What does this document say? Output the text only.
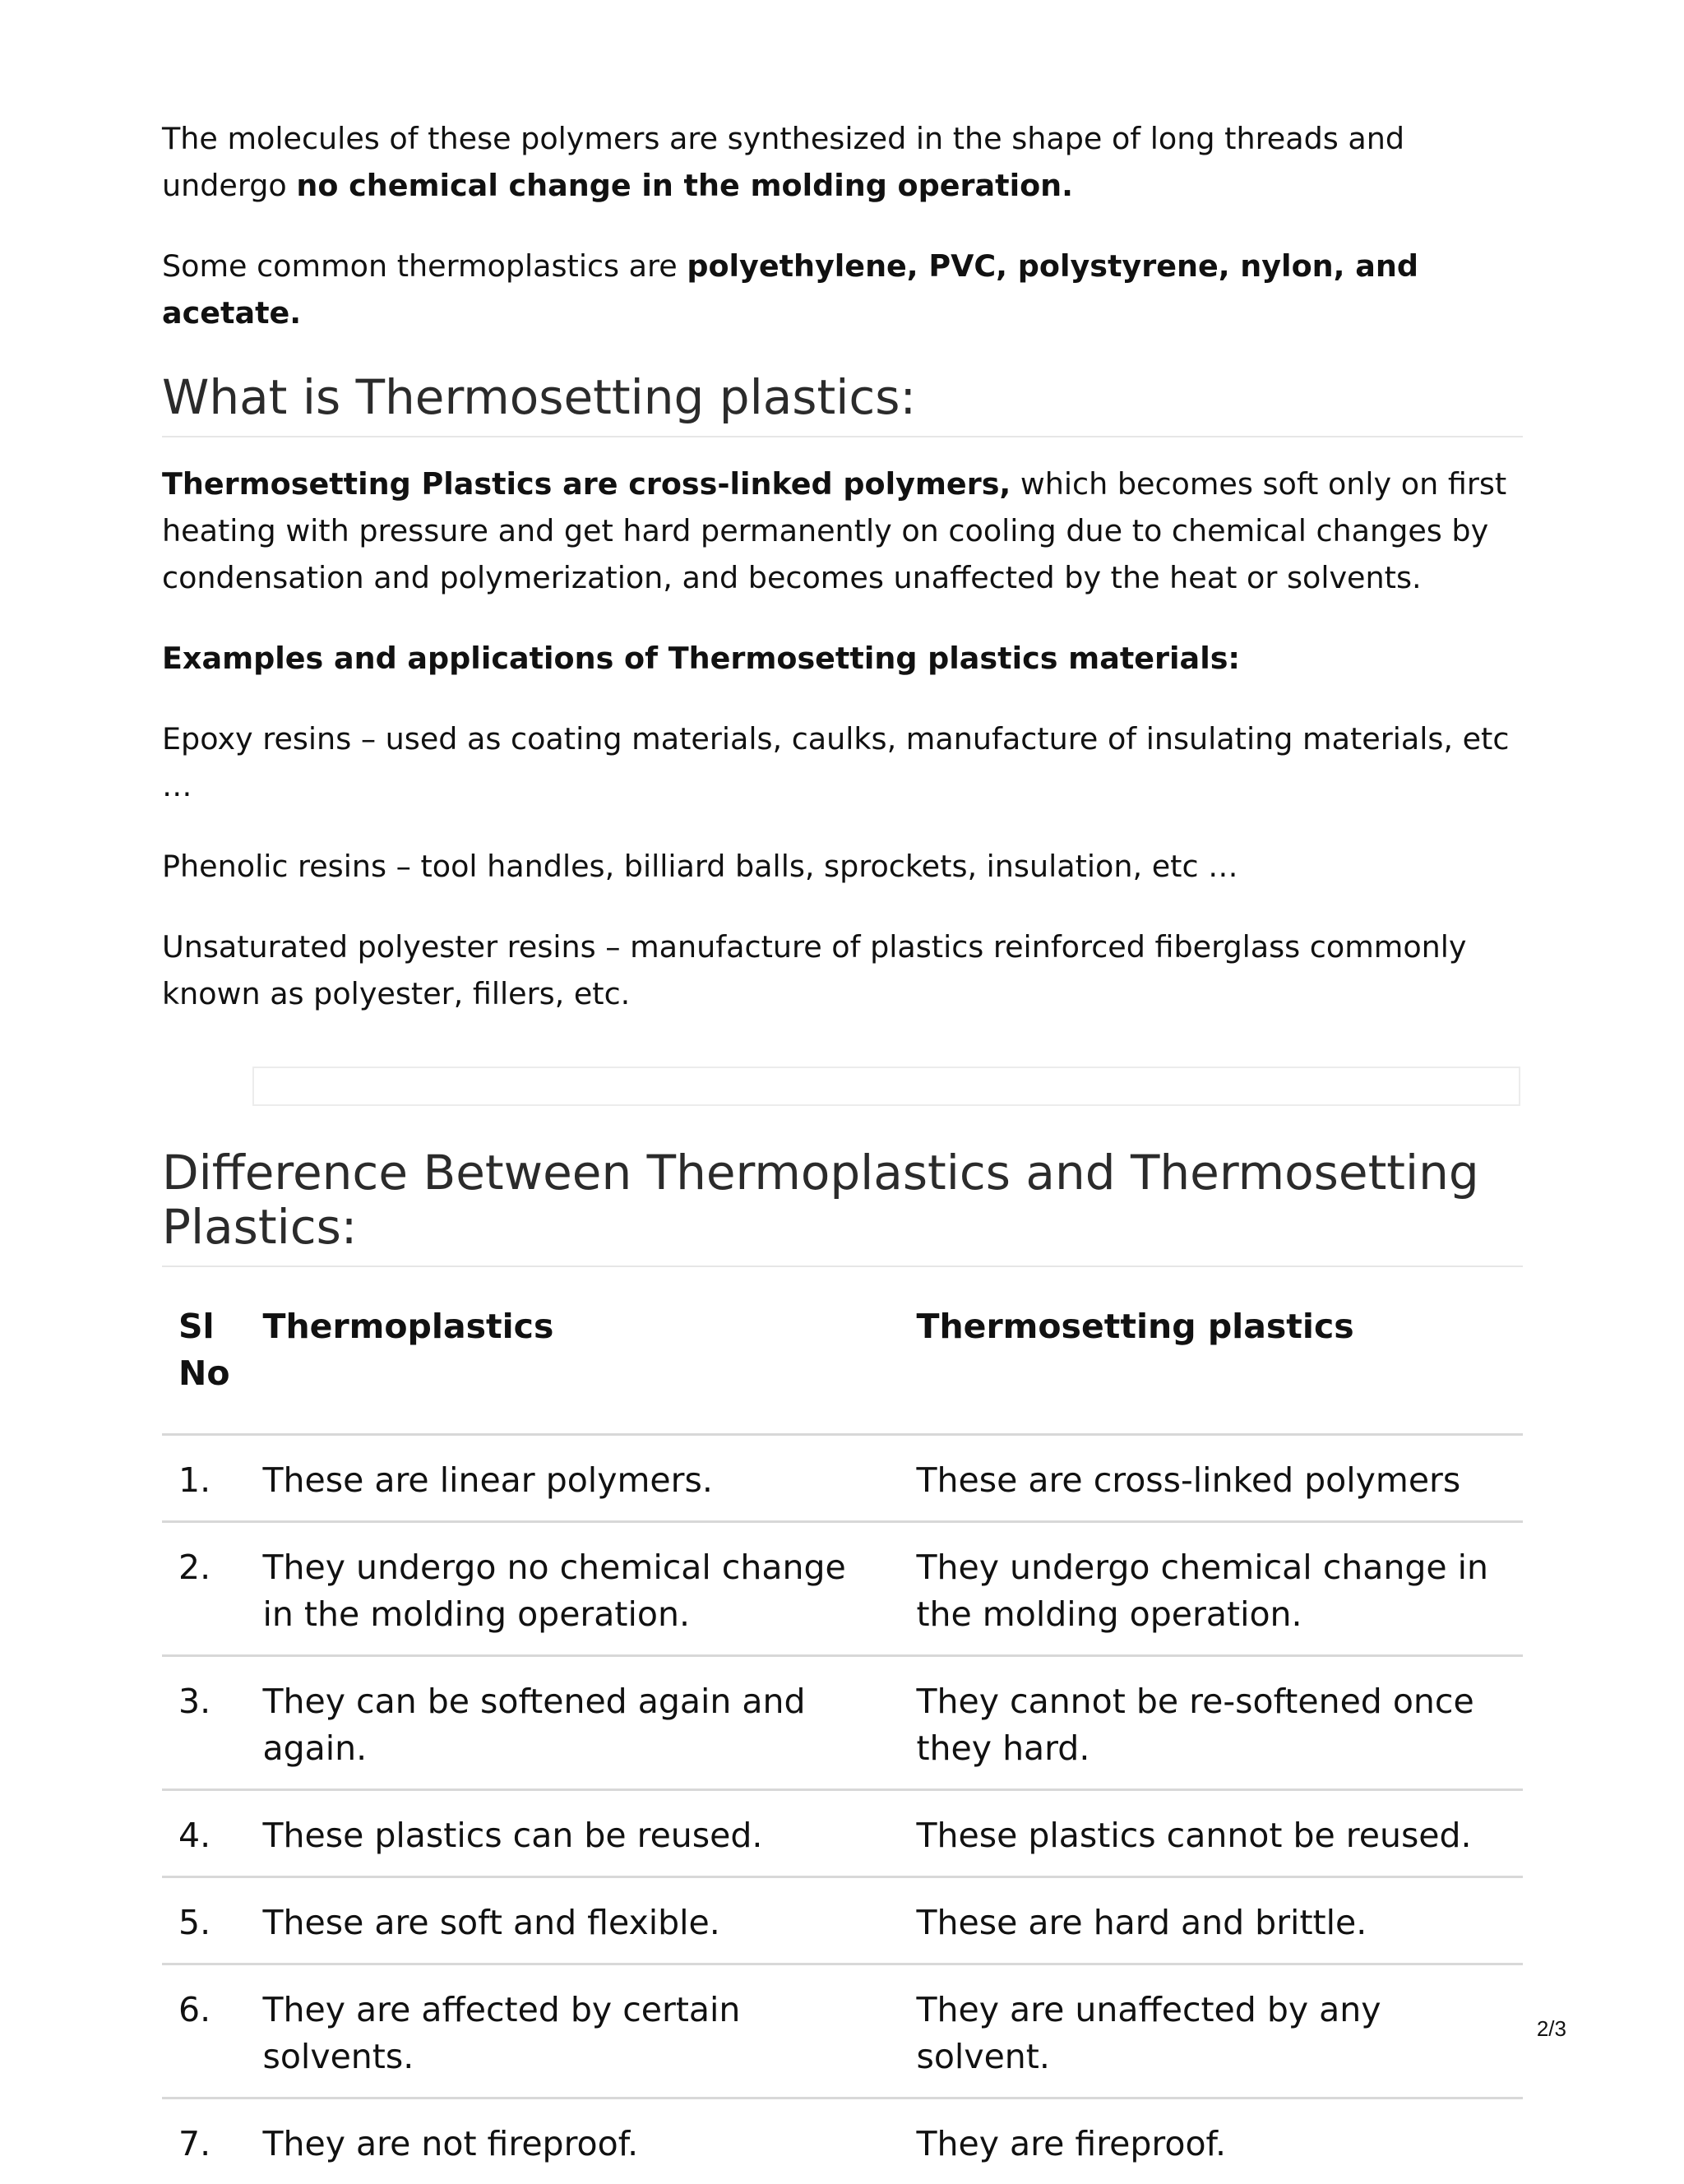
The molecules of these polymers are synthesized in the shape of long threads and undergo no chemical change in the molding operation.

Some common thermoplastics are polyethylene, PVC, polystyrene, nylon, and acetate.

What is Thermosetting plastics:

Thermosetting Plastics are cross-linked polymers, which becomes soft only on first heating with pressure and get hard permanently on cooling due to chemical changes by condensation and polymerization, and becomes unaffected by the heat or solvents.

Examples and applications of Thermosetting plastics materials:

Epoxy resins – used as coating materials, caulks, manufacture of insulating materials, etc …

Phenolic resins – tool handles, billiard balls, sprockets, insulation, etc …

Unsaturated polyester resins – manufacture of plastics reinforced fiberglass commonly known as polyester, fillers, etc.

Difference Between Thermoplastics and Thermosetting Plastics:
Sl No	Thermoplastics	Thermosetting plastics
1.	These are linear polymers.	These are cross-linked polymers
2.	They undergo no chemical change in the molding operation.	They undergo chemical change in the molding operation.
3.	They can be softened again and again.	They cannot be re-softened once they hard.
4.	These plastics can be reused.	These plastics cannot be reused.
5.	These are soft and flexible.	These are hard and brittle.
6.	They are affected by certain solvents.	They are unaffected by any solvent.
7.	They are not fireproof.	They are fireproof.
2/3
